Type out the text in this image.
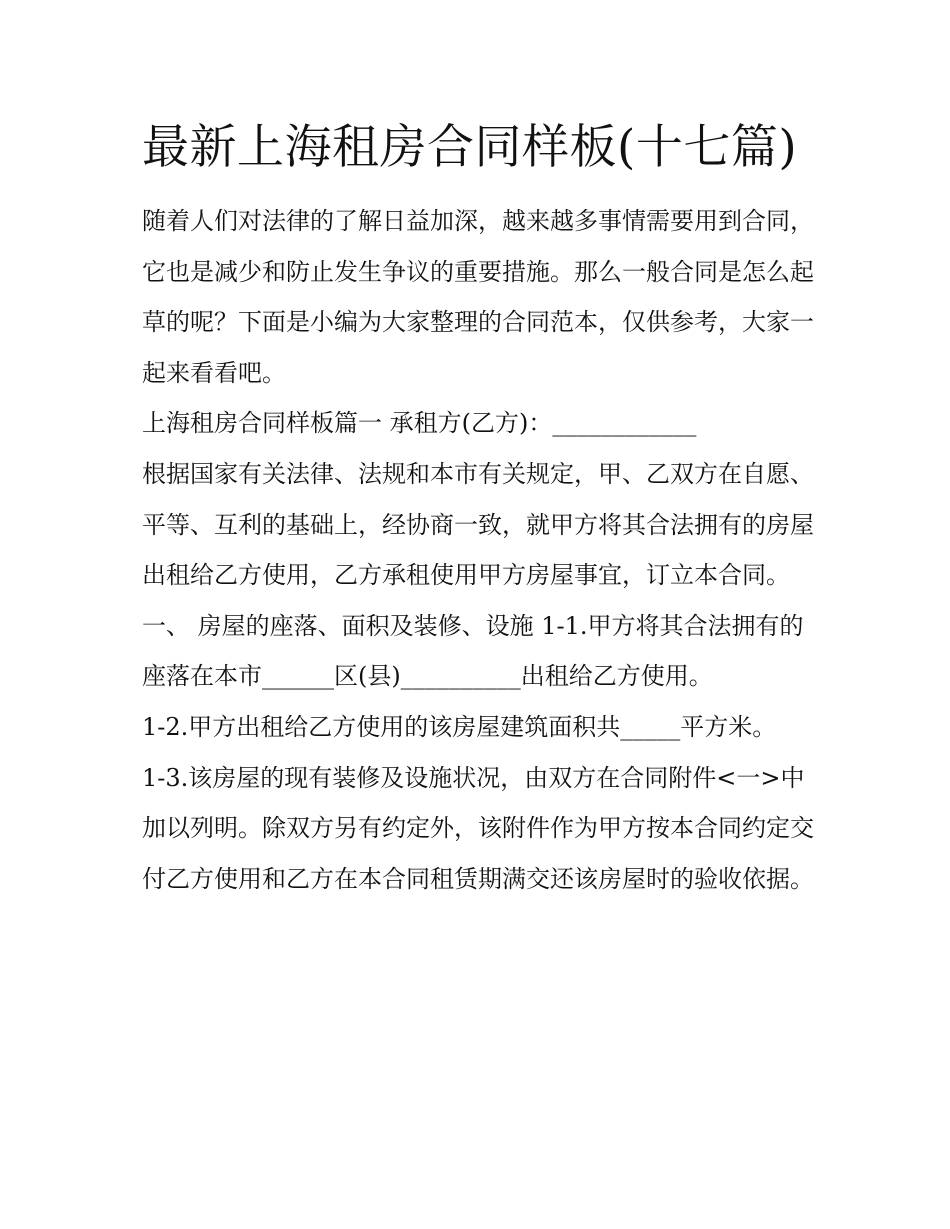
最新上海租房合同样板(十七篇)

随着人们对法律的了解日益加深，越来越多事情需要用到合同，它也是减少和防止发生争议的重要措施。那么一般合同是怎么起草的呢？下面是小编为大家整理的合同范本，仅供参考，大家一起来看看吧。

上海租房合同样板篇一 承租方(乙方)：____________

根据国家有关法律、法规和本市有关规定，甲、乙双方在自愿、平等、互利的基础上，经协商一致，就甲方将其合法拥有的房屋出租给乙方使用，乙方承租使用甲方房屋事宜，订立本合同。

一、 房屋的座落、面积及装修、设施 1-1.甲方将其合法拥有的座落在本市______区(县)__________出租给乙方使用。

1-2.甲方出租给乙方使用的该房屋建筑面积共_____平方米。

1-3.该房屋的现有装修及设施状况，由双方在合同附件<一>中加以列明。除双方另有约定外，该附件作为甲方按本合同约定交付乙方使用和乙方在本合同租赁期满交还该房屋时的验收依据。
